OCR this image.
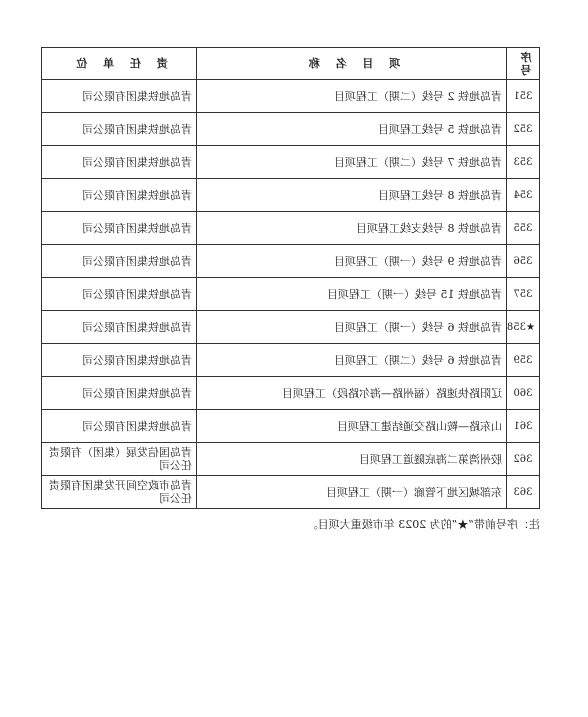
序号	项 目 名 称	责 任 单 位
351	青岛地铁 2 号线（二期）工程项目	青岛地铁集团有限公司
352	青岛地铁 5 号线工程项目	青岛地铁集团有限公司
353	青岛地铁 7 号线（二期）工程项目	青岛地铁集团有限公司
354	青岛地铁 8 号线工程项目	青岛地铁集团有限公司
355	青岛地铁 8 号线支线工程项目	青岛地铁集团有限公司
356	青岛地铁 9 号线（一期）工程项目	青岛地铁集团有限公司
357	青岛地铁 15 号线（一期）工程项目	青岛地铁集团有限公司
★358	青岛地铁 6 号线（一期）工程项目	青岛地铁集团有限公司
359	青岛地铁 6 号线（二期）工程项目	青岛地铁集团有限公司
360	辽阳路快速路（福州路—海尔路段）工程项目	青岛地铁集团有限公司
361	山东路—鞍山路交通结建工程项目	青岛地铁集团有限公司
362	胶州湾第二海底隧道工程项目	青岛国信发展（集团）有限责任公司
363	东部城区地下管廊（一期）工程项目	青岛市政空间开发集团有限责任公司
注：序号前带“★”的为 2023 年市级重大项目。
